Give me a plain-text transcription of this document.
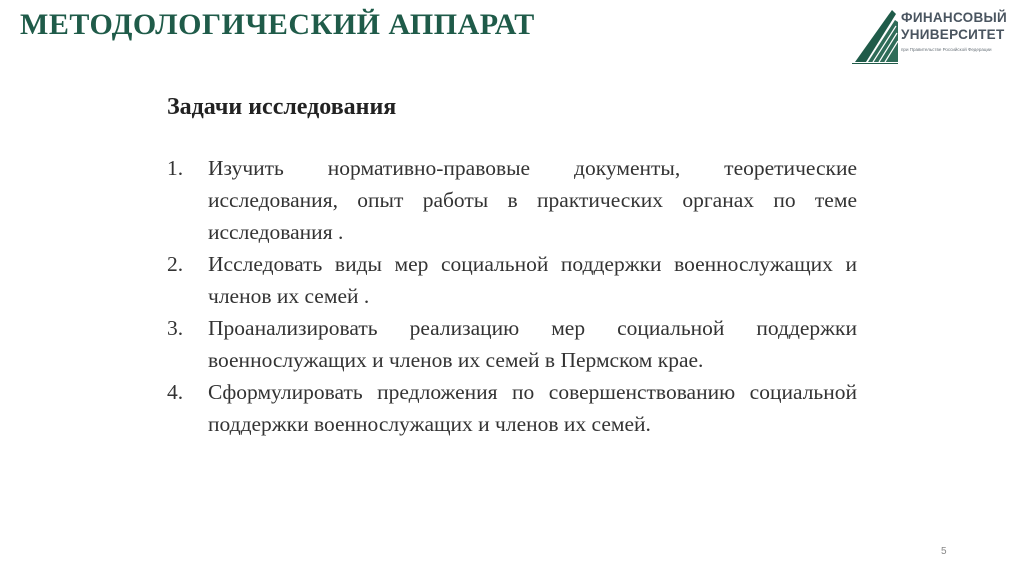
МЕТОДОЛОГИЧЕСКИЙ АППАРАТ	ФИНАНСОВЫЙ
УНИВЕРСИТЕТ
при Правительстве Российской Федерации
Задачи исследования
1.	Изучить нормативно-правовые документы, теоретические исследования, опыт работы в практических органах по теме исследования .
2.	Исследовать виды мер социальной поддержки военнослужащих и членов их семей .
3.	Проанализировать реализацию мер социальной поддержки военнослужащих и членов их семей в Пермском крае.
4.	Сформулировать предложения по совершенствованию социальной поддержки военнослужащих и членов их семей.
5
